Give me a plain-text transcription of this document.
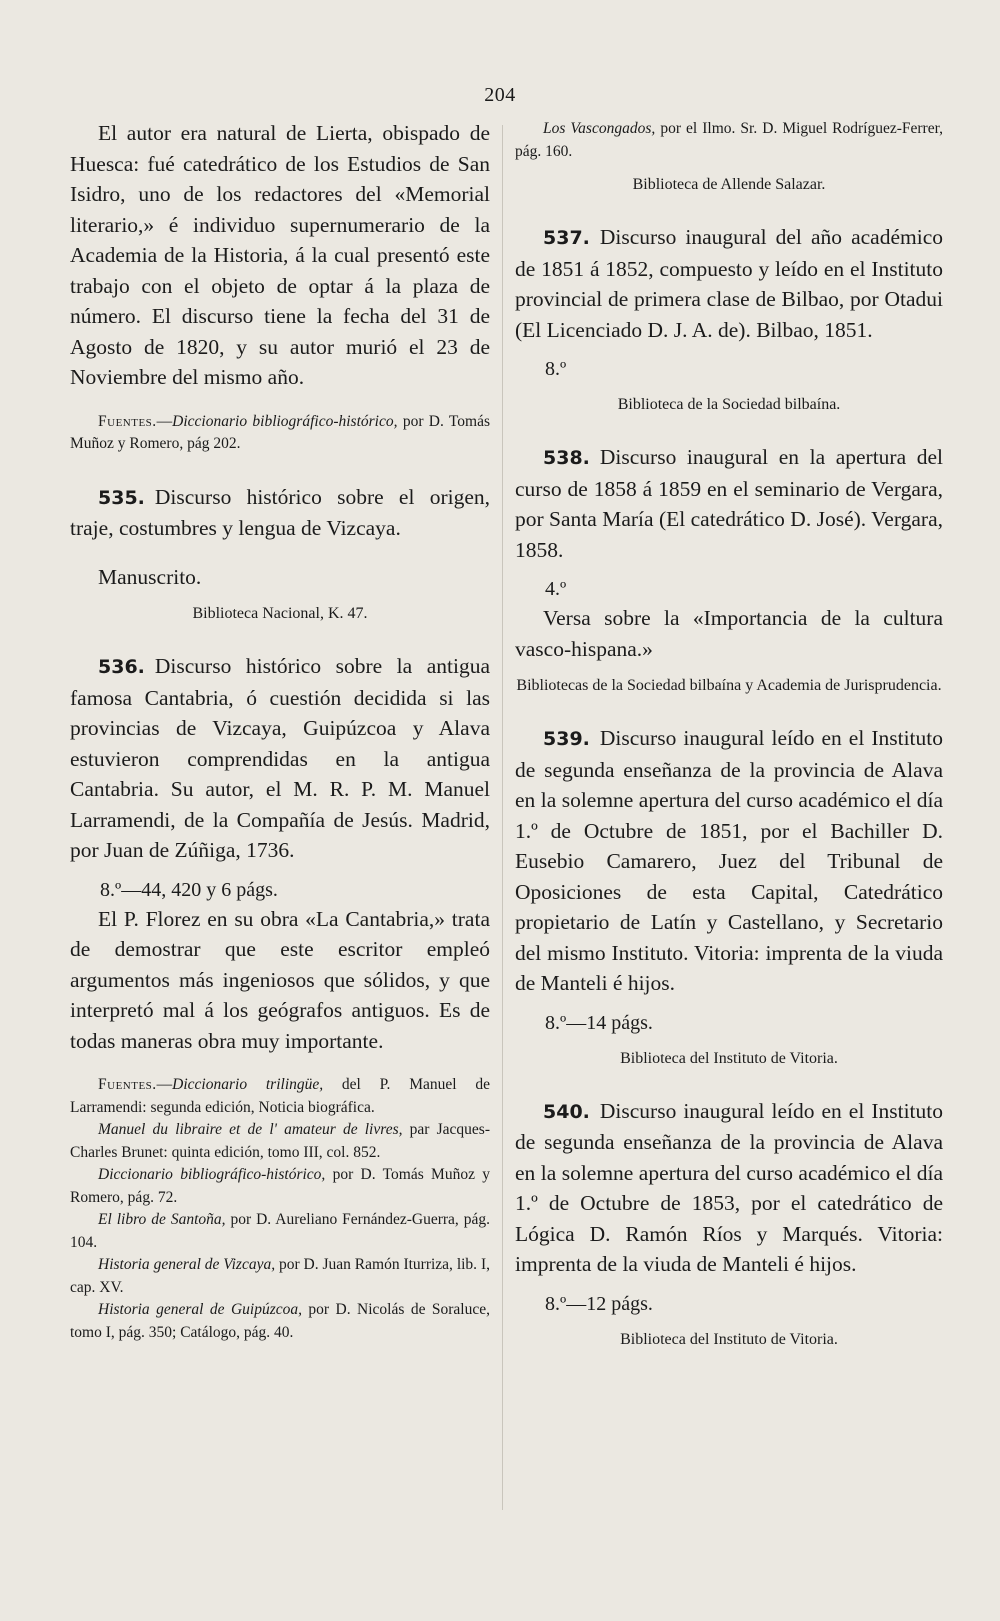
204

El autor era natural de Lierta, obispado de Huesca: fué catedrático de los Estudios de San Isidro, uno de los redactores del «Memorial literario,» é individuo supernumerario de la Academia de la Historia, á la cual presentó este trabajo con el objeto de optar á la plaza de número. El discurso tiene la fecha del 31 de Agosto de 1820, y su autor murió el 23 de Noviembre del mismo año.

Fuentes.—Diccionario bibliográfico-histórico, por D. Tomás Muñoz y Romero, pág 202.

535. Discurso histórico sobre el origen, traje, costumbres y lengua de Vizcaya.

Manuscrito.

Biblioteca Nacional, K. 47.

536. Discurso histórico sobre la antigua famosa Cantabria, ó cuestión decidida si las provincias de Vizcaya, Guipúzcoa y Alava estuvieron comprendidas en la antigua Cantabria. Su autor, el M. R. P. M. Manuel Larramendi, de la Compañía de Jesús. Madrid, por Juan de Zúñiga, 1736.

8.º—44, 420 y 6 págs.

El P. Florez en su obra «La Cantabria,» trata de demostrar que este escritor empleó argumentos más ingeniosos que sólidos, y que interpretó mal á los geógrafos antiguos. Es de todas maneras obra muy importante.

Fuentes.—Diccionario trilingüe, del P. Manuel de Larramendi: segunda edición, Noticia biográfica.

Manuel du libraire et de l' amateur de livres, par Jacques-Charles Brunet: quinta edición, tomo III, col. 852.

Diccionario bibliográfico-histórico, por D. Tomás Muñoz y Romero, pág. 72.

El libro de Santoña, por D. Aureliano Fernández-Guerra, pág. 104.

Historia general de Vizcaya, por D. Juan Ramón Iturriza, lib. I, cap. XV.

Historia general de Guipúzcoa, por D. Nicolás de Soraluce, tomo I, pág. 350; Catálogo, pág. 40.

Los Vascongados, por el Ilmo. Sr. D. Miguel Rodríguez-Ferrer, pág. 160.

Biblioteca de Allende Salazar.

537. Discurso inaugural del año académico de 1851 á 1852, compuesto y leído en el Instituto provincial de primera clase de Bilbao, por Otadui (El Licenciado D. J. A. de). Bilbao, 1851.

8.º

Biblioteca de la Sociedad bilbaína.

538. Discurso inaugural en la apertura del curso de 1858 á 1859 en el seminario de Vergara, por Santa María (El catedrático D. José). Vergara, 1858.

4.º

Versa sobre la «Importancia de la cultura vasco-hispana.»

Bibliotecas de la Sociedad bilbaína y Academia de Jurisprudencia.

539. Discurso inaugural leído en el Instituto de segunda enseñanza de la provincia de Alava en la solemne apertura del curso académico el día 1.º de Octubre de 1851, por el Bachiller D. Eusebio Camarero, Juez del Tribunal de Oposiciones de esta Capital, Catedrático propietario de Latín y Castellano, y Secretario del mismo Instituto. Vitoria: imprenta de la viuda de Manteli é hijos.

8.º—14 págs.

Biblioteca del Instituto de Vitoria.

540. Discurso inaugural leído en el Instituto de segunda enseñanza de la provincia de Alava en la solemne apertura del curso académico el día 1.º de Octubre de 1853, por el catedrático de Lógica D. Ramón Ríos y Marqués. Vitoria: imprenta de la viuda de Manteli é hijos.

8.º—12 págs.

Biblioteca del Instituto de Vitoria.
